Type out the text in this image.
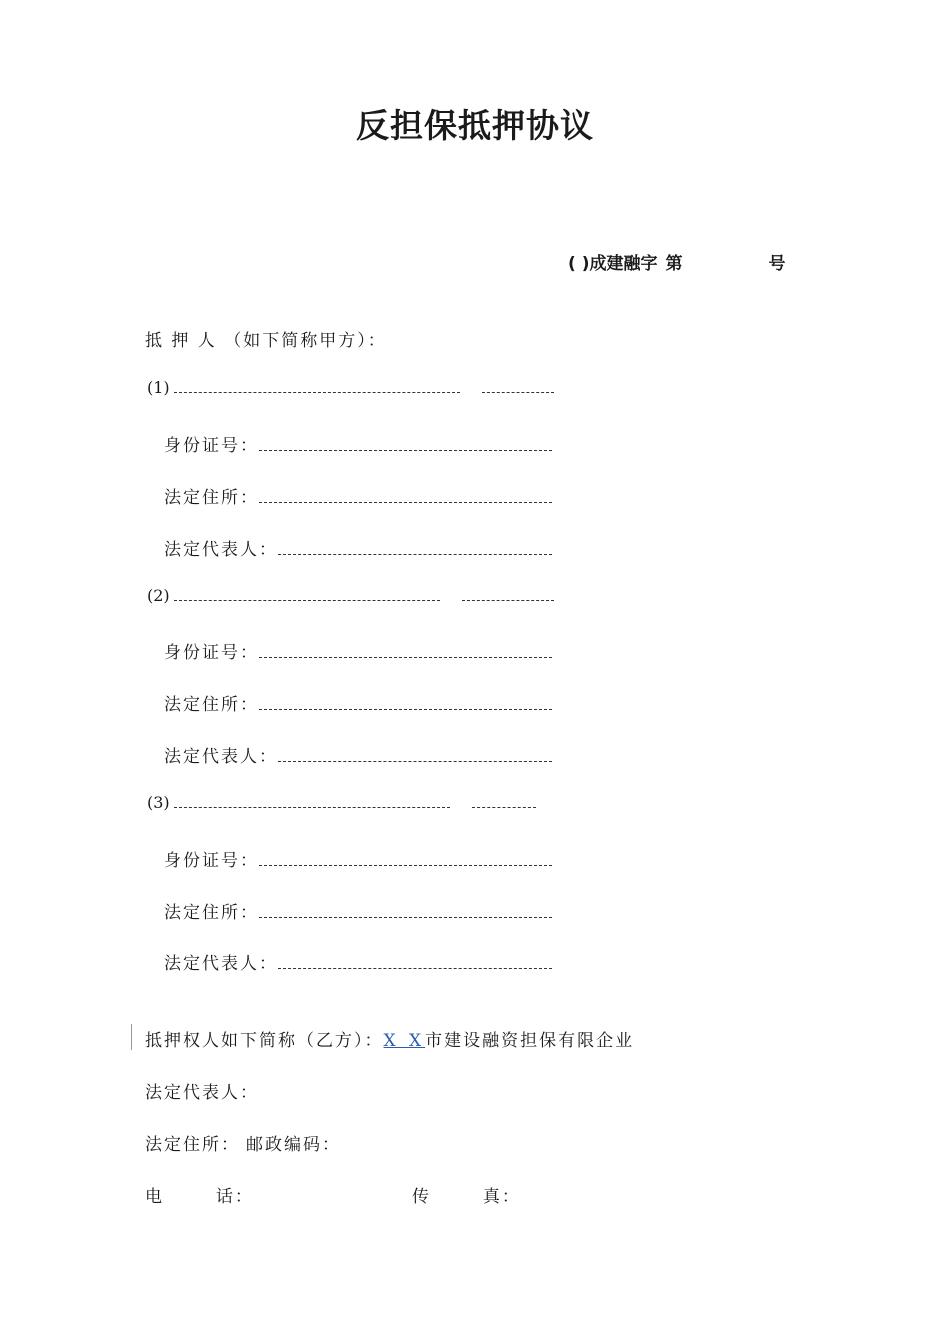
反担保抵押协议
( )成建融字 第	号
抵 押 人 （如下简称甲方）：
(1)
身份证号：
法定住所：
法定代表人：
(2)
身份证号：
法定住所：
法定代表人：
(3)
身份证号：
法定住所：
法定代表人：
抵押权人如下简称（乙方）：X X市建设融资担保有限企业
法定代表人：
法定住所： 邮政编码：
电       话：	传       真：
